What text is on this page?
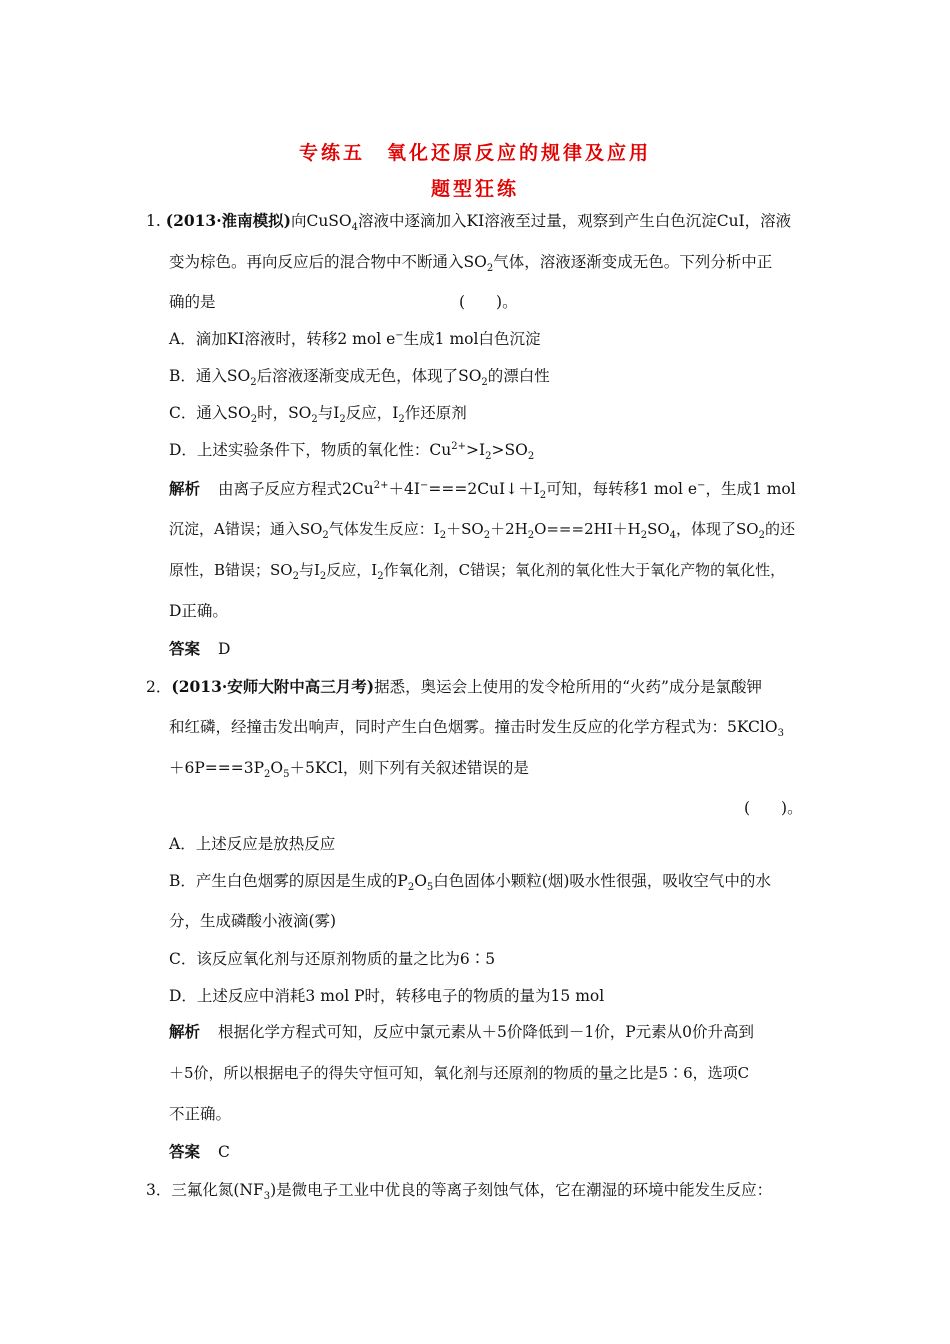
专练五　氧化还原反应的规律及应用
题型狂练
1. (2013·淮南模拟)向CuSO$_4$溶液中逐滴加入KI溶液至过量，观察到产生白色沉淀CuI，溶液
变为棕色。再向反应后的混合物中不断通入$SO_2$气体，溶液逐渐变成无色。下列分析中正
确的是	(　　)。
A．滴加KI溶液时，转移2 mol e−生成1 mol白色沉淀
B．通入$SO_2$后溶液逐渐变成无色，体现了$SO_2$的漂白性
C．通入$SO_2$时，$SO_2$与$I_2$反应，$I_2$作还原剂
D．上述实验条件下，物质的氧化性：$Cu^{2+}>I_2>SO_2$
解析 由离子反应方程式$2Cu^{2+}+4I^-===2CuI↓+I_2$可知，每转移1 mol e−，生成1 mol
沉淀，A错误；通入$SO_2$气体发生反应：$I_2+SO_2+2H_2O===2HI+H_2SO_4$，体现了$SO_2$的还
原性，B错误；$SO_2$与$I_2$反应，$I_2$作氧化剂，C错误；氧化剂的氧化性大于氧化产物的氧化性，
D正确。
答案 D
2．(2013·安师大附中高三月考)据悉，奥运会上使用的发令枪所用的“火药”成分是氯酸钾
和红磷，经撞击发出响声，同时产生白色烟雾。撞击时发生反应的化学方程式为：5KClO$_3$
$+6P===3P_2O_5+5KCl$，则下列有关叙述错误的是
(　　)。
A．上述反应是放热反应
B．产生白色烟雾的原因是生成的$P_2O_5$白色固体小颗粒(烟)吸水性很强，吸收空气中的水
分，生成磷酸小液滴(雾)
C．该反应氧化剂与还原剂物质的量之比为6∶5
D．上述反应中消耗3 mol P时，转移电子的物质的量为15 mol
解析 根据化学方程式可知，反应中氯元素从＋5价降低到－1价，P元素从0价升高到
＋5价，所以根据电子的得失守恒可知，氧化剂与还原剂的物质的量之比是5∶6，选项C
不正确。
答案 C
3．三氟化氮$(NF_3)$是微电子工业中优良的等离子刻蚀气体，它在潮湿的环境中能发生反应：
